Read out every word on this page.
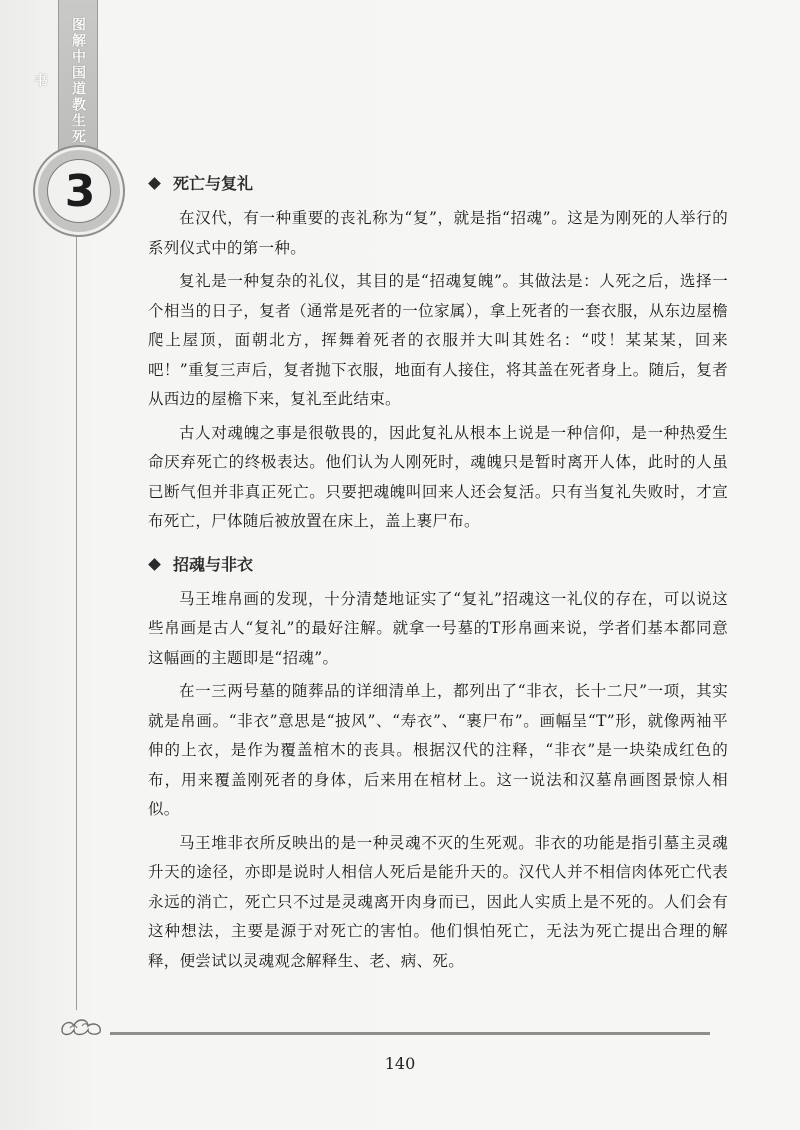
图解中国道教生死书
3	死亡与复礼

在汉代，有一种重要的丧礼称为“复”，就是指“招魂”。这是为刚死的人举行的系列仪式中的第一种。

复礼是一种复杂的礼仪，其目的是“招魂复魄”。其做法是：人死之后，选择一个相当的日子，复者（通常是死者的一位家属），拿上死者的一套衣服，从东边屋檐爬上屋顶，面朝北方，挥舞着死者的衣服并大叫其姓名：“哎！某某某，回来吧！”重复三声后，复者抛下衣服，地面有人接住，将其盖在死者身上。随后，复者从西边的屋檐下来，复礼至此结束。

古人对魂魄之事是很敬畏的，因此复礼从根本上说是一种信仰，是一种热爱生命厌弃死亡的终极表达。他们认为人刚死时，魂魄只是暂时离开人体，此时的人虽已断气但并非真正死亡。只要把魂魄叫回来人还会复活。只有当复礼失败时，才宣布死亡，尸体随后被放置在床上，盖上裹尸布。

招魂与非衣

马王堆帛画的发现，十分清楚地证实了“复礼”招魂这一礼仪的存在，可以说这些帛画是古人“复礼”的最好注解。就拿一号墓的T形帛画来说，学者们基本都同意这幅画的主题即是“招魂”。

在一三两号墓的随葬品的详细清单上，都列出了“非衣，长十二尺”一项，其实就是帛画。“非衣”意思是“披风”、“寿衣”、“裹尸布”。画幅呈“T”形，就像两袖平伸的上衣，是作为覆盖棺木的丧具。根据汉代的注释，“非衣”是一块染成红色的布，用来覆盖刚死者的身体，后来用在棺材上。这一说法和汉墓帛画图景惊人相似。

马王堆非衣所反映出的是一种灵魂不灭的生死观。非衣的功能是指引墓主灵魂升天的途径，亦即是说时人相信人死后是能升天的。汉代人并不相信肉体死亡代表永远的消亡，死亡只不过是灵魂离开肉身而已，因此人实质上是不死的。人们会有这种想法，主要是源于对死亡的害怕。他们惧怕死亡，无法为死亡提出合理的解释，便尝试以灵魂观念解释生、老、病、死。

140
